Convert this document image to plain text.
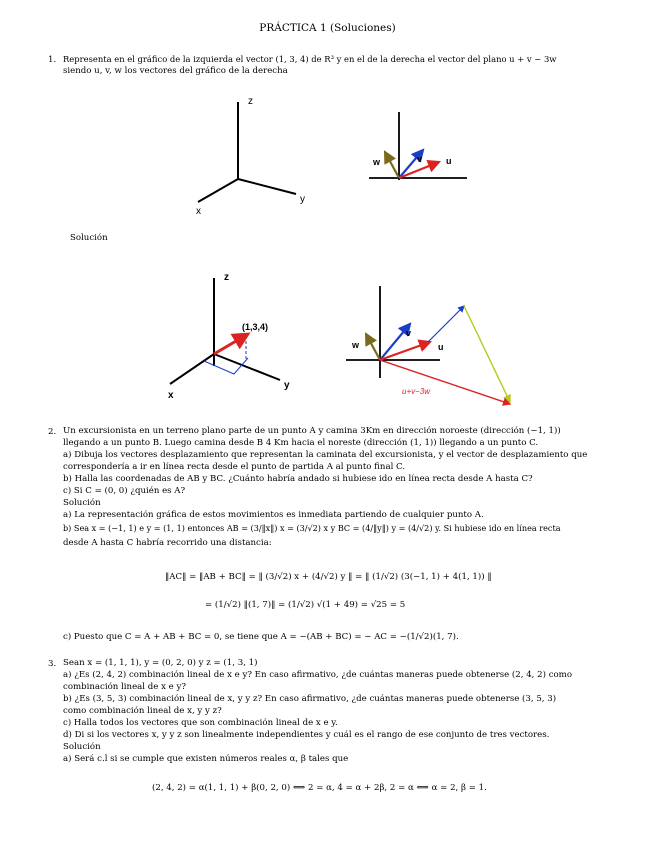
PRÁCTICA 1 (Soluciones)
1. Representa en el gráfico de la izquierda el vector (1, 3, 4) de R³ y en el de la derecha el vector del plano u + v − 3w
siendo u, v, w los vectores del gráfico de la derecha
z
y
x
w	v	u
Solución
z
y
x
(1,3,4)
w
v
u
u+v−3w
2. Un excursionista en un terreno plano parte de un punto A y camina 3Km en dirección noroeste (dirección (−1, 1))
llegando a un punto B. Luego camina desde B 4 Km hacia el noreste (dirección (1, 1)) llegando a un punto C.
a) Dibuja los vectores desplazamiento que representan la caminata del excursionista, y el vector de desplazamiento que
correspondería a ir en línea recta desde el punto de partida A al punto final C.
b) Halla las coordenadas de AB y BC. ¿Cuánto habría andado si hubiese ido en línea recta desde A hasta C?
c) Si C = (0, 0) ¿quién es A?
Solución
a) La representación gráfica de estos movimientos es inmediata partiendo de cualquier punto A.
b) Sea x = (−1, 1) e y = (1, 1) entonces AB = (3/‖x‖) x = (3/√2) x y BC = (4/‖y‖) y = (4/√2) y. Si hubiese ido en línea recta
desde A hasta C habría recorrido una distancia:
‖AC‖ = ‖AB + BC‖ = ‖ (3/√2) x + (4/√2) y ‖ = ‖ (1/√2) (3(−1, 1) + 4(1, 1)) ‖
= (1/√2) ‖(1, 7)‖ = (1/√2) √(1 + 49) = √25 = 5
c) Puesto que C = A + AB + BC = 0, se tiene que A = −(AB + BC) = − AC = −(1/√2)(1, 7).
3. Sean x = (1, 1, 1), y = (0, 2, 0) y z = (1, 3, 1)
a) ¿Es (2, 4, 2) combinación lineal de x e y? En caso afirmativo, ¿de cuántas maneras puede obtenerse (2, 4, 2) como
combinación lineal de x e y?
b) ¿Es (3, 5, 3) combinación lineal de x, y y z? En caso afirmativo, ¿de cuántas maneras puede obtenerse (3, 5, 3)
como combinación lineal de x, y y z?
c) Halla todos los vectores que son combinación lineal de x e y.
d) Di si los vectores x, y y z son linealmente independientes y cuál es el rango de ese conjunto de tres vectores.
Solución
a) Será c.l si se cumple que existen números reales α, β tales que
(2, 4, 2) = α(1, 1, 1) + β(0, 2, 0) ⟺ 2 = α, 4 = α + 2β, 2 = α ⟺ α = 2, β = 1.
